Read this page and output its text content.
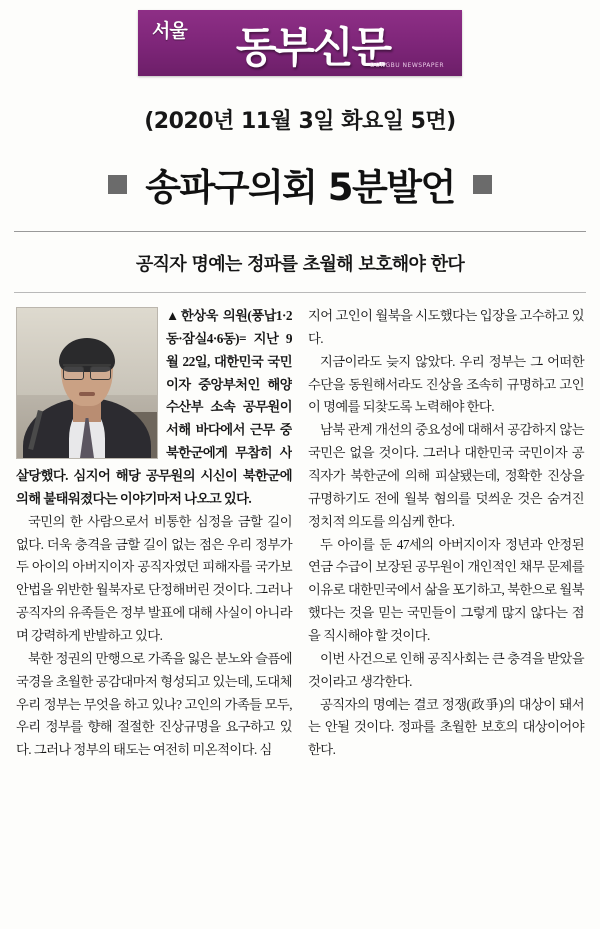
서울 동부신문
DONGBU NEWSPAPER
(2020년 11월 3일 화요일 5면)
송파구의회 5분발언
공직자 명예는 정파를 초월해 보호해야 한다

▲한상욱 의원(풍납1·2동·잠실4·6동)= 지난 9월 22일, 대한민국 국민이자 중앙부처인 해양수산부 소속 공무원이 서해 바다에서 근무 중 북한군에게 무참히 사살당했다. 심지어 해당 공무원의 시신이 북한군에 의해 불태워졌다는 이야기마저 나오고 있다.

국민의 한 사람으로서 비통한 심정을 금할 길이 없다. 더욱 충격을 금할 길이 없는 점은 우리 정부가 두 아이의 아버지이자 공직자였던 피해자를 국가보안법을 위반한 월북자로 단정해버린 것이다. 그러나 공직자의 유족들은 정부 발표에 대해 사실이 아니라며 강력하게 반발하고 있다.

북한 정권의 만행으로 가족을 잃은 분노와 슬픔에 국경을 초월한 공감대마저 형성되고 있는데, 도대체 우리 정부는 무엇을 하고 있나? 고인의 가족들 모두, 우리 정부를 향해 절절한 진상규명을 요구하고 있다. 그러나 정부의 태도는 여전히 미온적이다. 심

지어 고인이 월북을 시도했다는 입장을 고수하고 있다.

지금이라도 늦지 않았다. 우리 정부는 그 어떠한 수단을 동원해서라도 진상을 조속히 규명하고 고인이 명예를 되찾도록 노력해야 한다.

남북 관계 개선의 중요성에 대해서 공감하지 않는 국민은 없을 것이다. 그러나 대한민국 국민이자 공직자가 북한군에 의해 피살됐는데, 정확한 진상을 규명하기도 전에 월북 혐의를 덧씌운 것은 숨겨진 정치적 의도를 의심케 한다.

두 아이를 둔 47세의 아버지이자 정년과 안정된 연금 수급이 보장된 공무원이 개인적인 채무 문제를 이유로 대한민국에서 삶을 포기하고, 북한으로 월북했다는 것을 믿는 국민들이 그렇게 많지 않다는 점을 직시해야 할 것이다.

이번 사건으로 인해 공직사회는 큰 충격을 받았을 것이라고 생각한다.

공직자의 명예는 결코 정쟁(政爭)의 대상이 돼서는 안될 것이다. 정파를 초월한 보호의 대상이어야 한다.
